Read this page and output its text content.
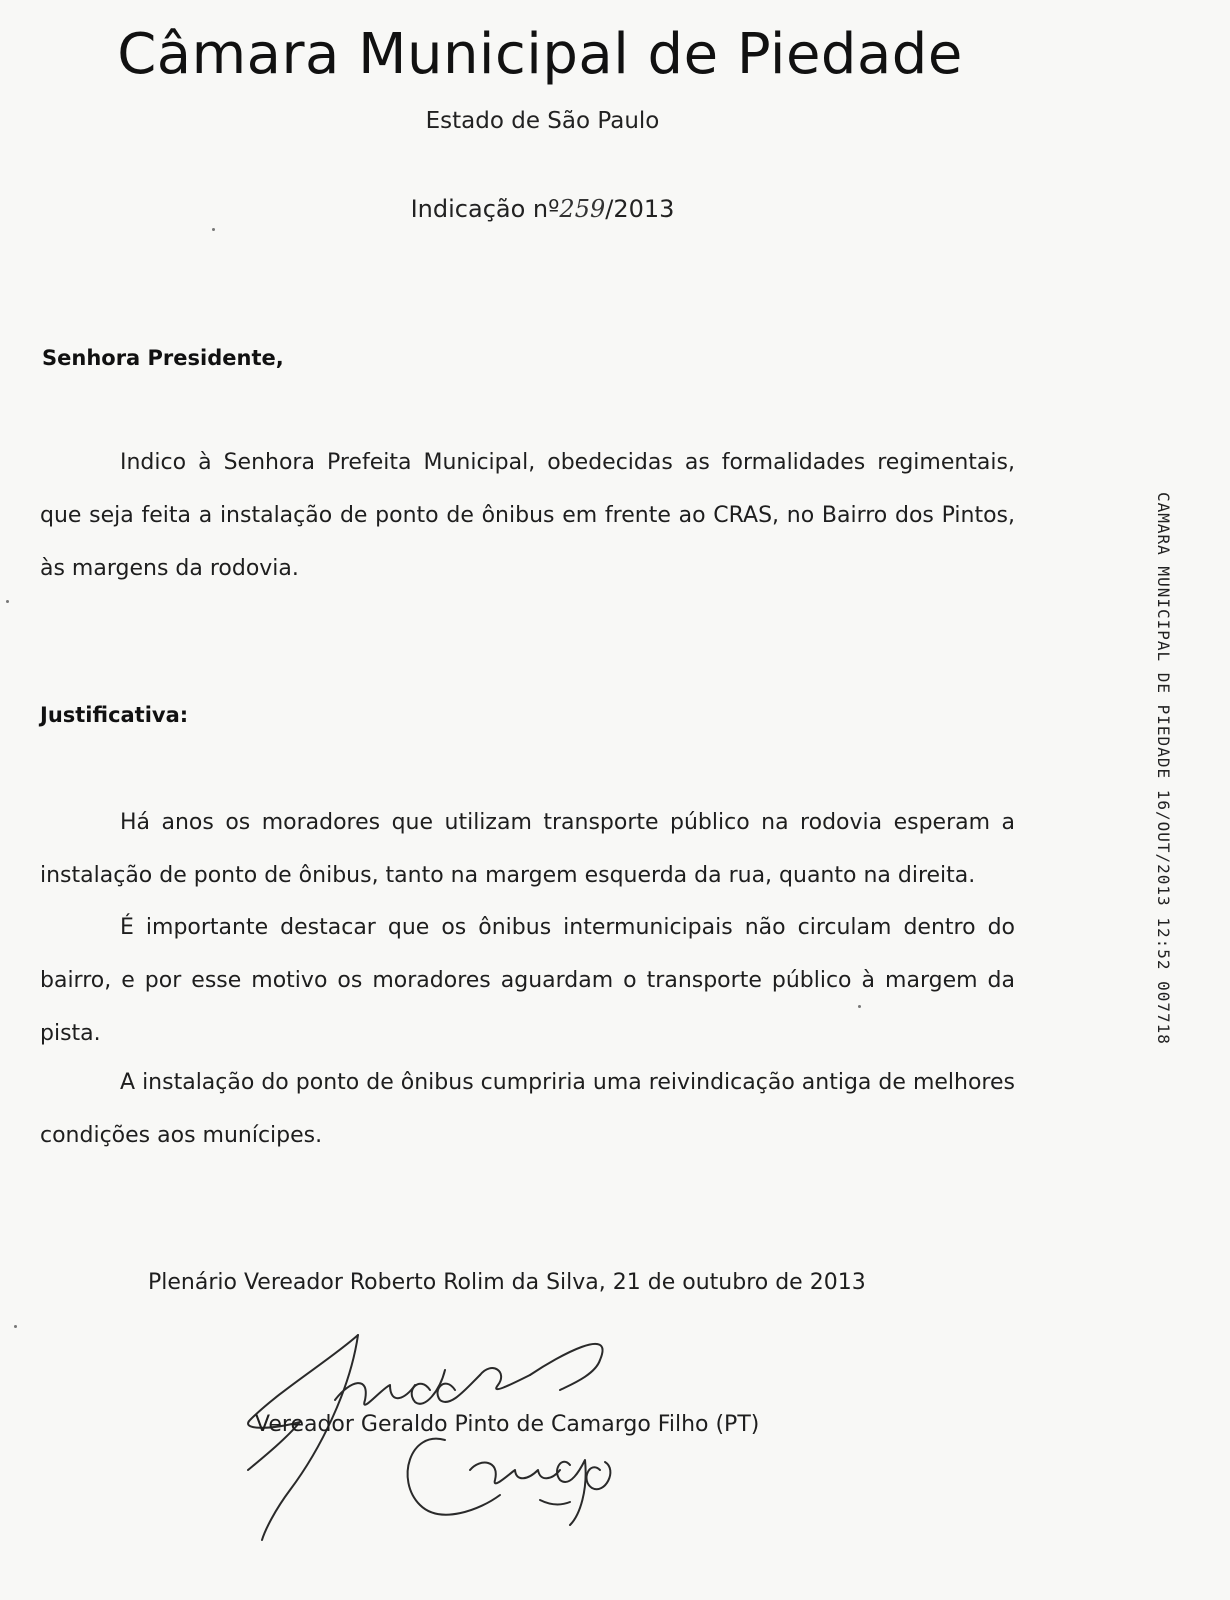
Câmara Municipal de Piedade
Estado de São Paulo
Indicação nº259/2013
Senhora Presidente,
Indico à Senhora Prefeita Municipal, obedecidas as formalidades regimentais, que seja feita a instalação de ponto de ônibus em frente ao CRAS, no Bairro dos Pintos, às margens da rodovia.
Justificativa:
Há anos os moradores que utilizam transporte público na rodovia esperam a instalação de ponto de ônibus, tanto na margem esquerda da rua, quanto na direita.
É importante destacar que os ônibus intermunicipais não circulam dentro do bairro, e por esse motivo os moradores aguardam o transporte público à margem da pista.
A instalação do ponto de ônibus cumpriria uma reivindicação antiga de melhores condições aos munícipes.
Plenário Vereador Roberto Rolim da Silva, 21 de outubro de 2013
Vereador Geraldo Pinto de Camargo Filho (PT)
CAMARA MUNICIPAL DE PIEDADE 16/OUT/2013 12:52 007718
